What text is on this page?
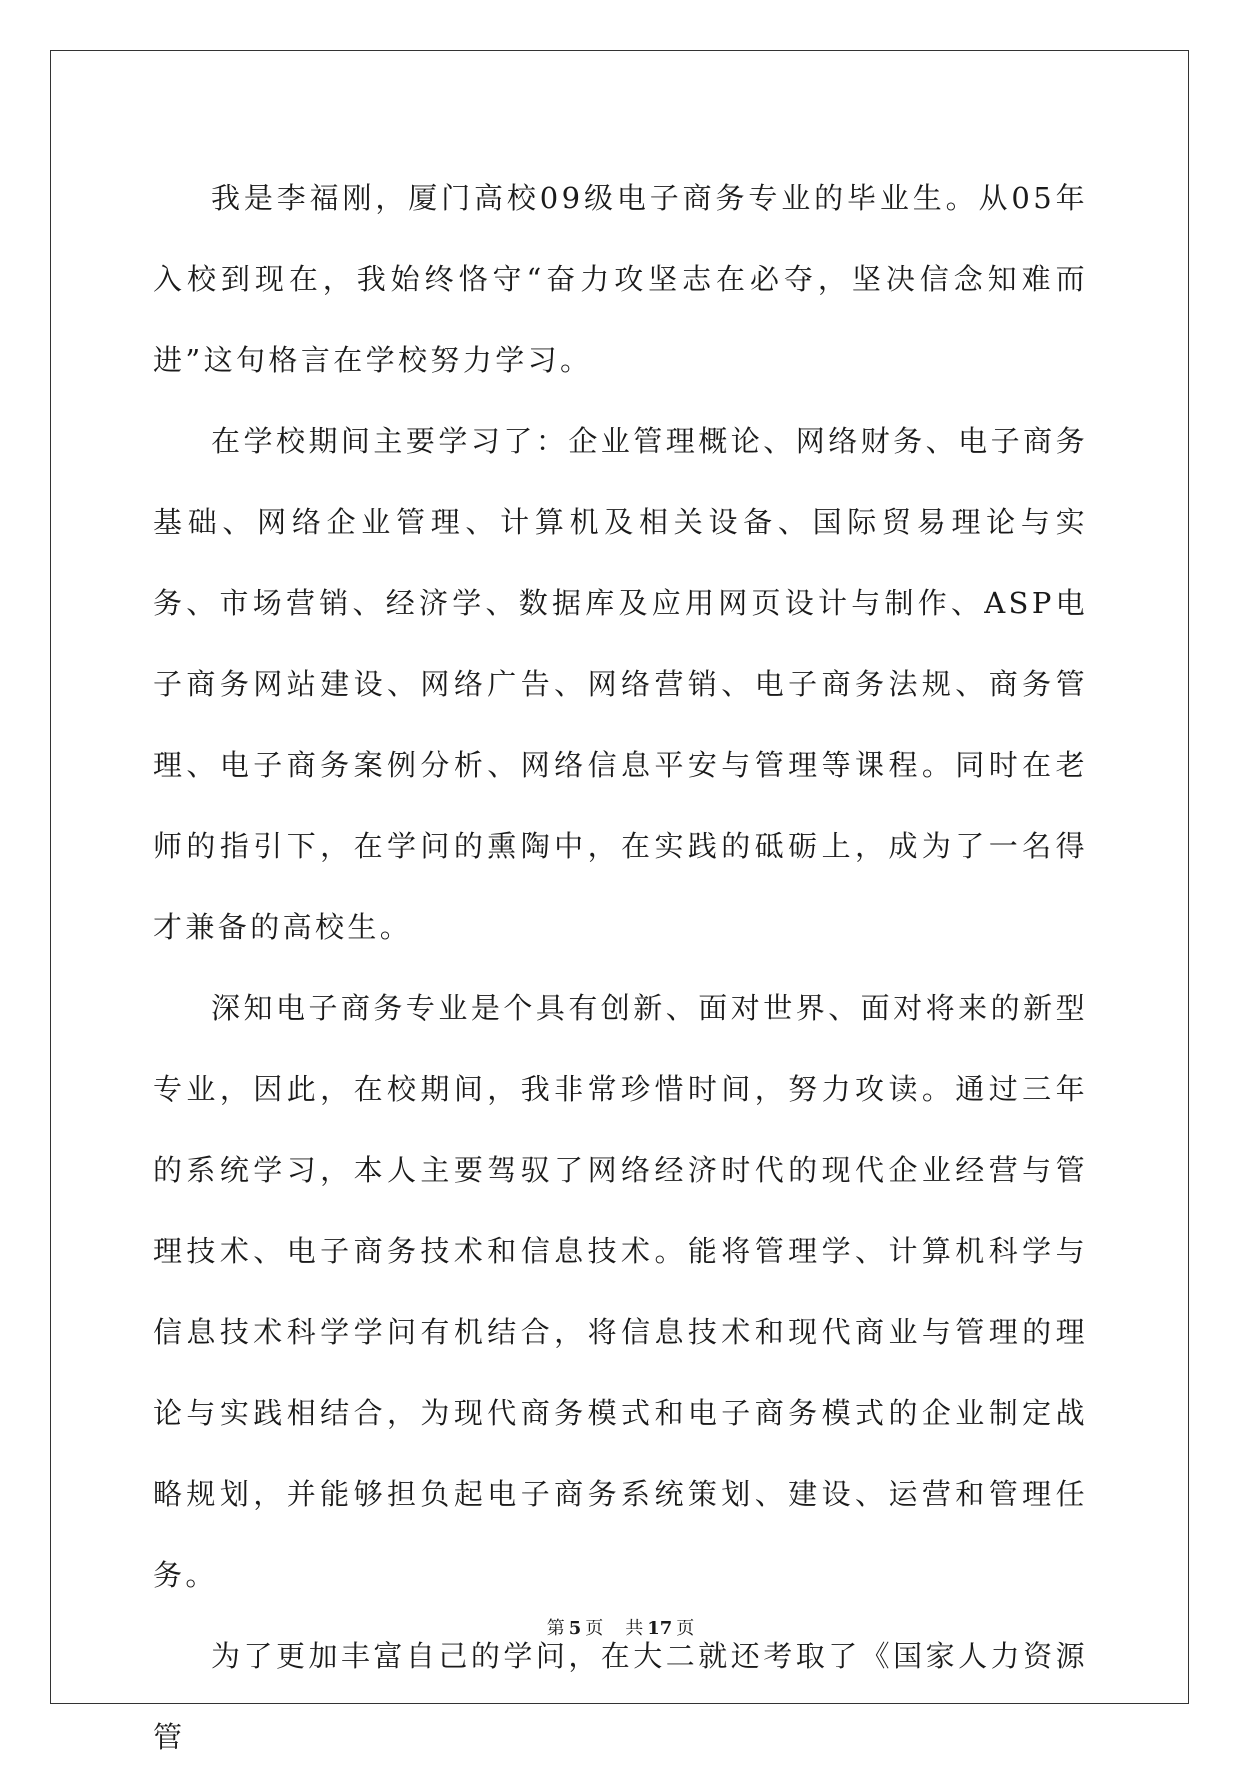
我是李福刚，厦门高校09级电子商务专业的毕业生。从05年入校到现在，我始终恪守“奋力攻坚志在必夺，坚决信念知难而进”这句格言在学校努力学习。

在学校期间主要学习了：企业管理概论、网络财务、电子商务基础、网络企业管理、计算机及相关设备、国际贸易理论与实务、市场营销、经济学、数据库及应用网页设计与制作、ASP电子商务网站建设、网络广告、网络营销、电子商务法规、商务管理、电子商务案例分析、网络信息平安与管理等课程。同时在老师的指引下，在学问的熏陶中，在实践的砥砺上，成为了一名得才兼备的高校生。

深知电子商务专业是个具有创新、面对世界、面对将来的新型专业，因此，在校期间，我非常珍惜时间，努力攻读。通过三年的系统学习，本人主要驾驭了网络经济时代的现代企业经营与管理技术、电子商务技术和信息技术。能将管理学、计算机科学与信息技术科学学问有机结合，将信息技术和现代商业与管理的理论与实践相结合，为现代商务模式和电子商务模式的企业制定战略规划，并能够担负起电子商务系统策划、建设、运营和管理任务。

为了更加丰富自己的学问，在大二就还考取了《国家人力资源管

第 5 页 共 17 页
